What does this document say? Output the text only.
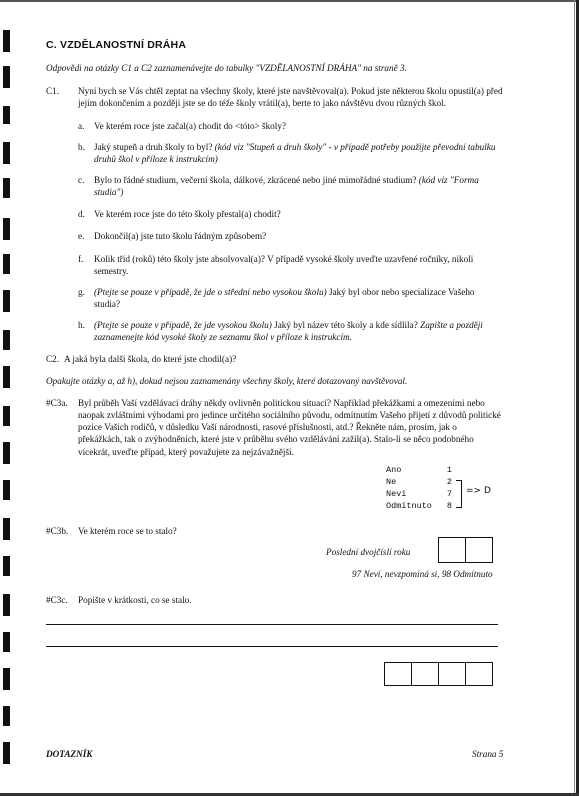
C. VZDĚLANOSTNÍ DRÁHA
Odpovědi na otázky C1 a C2 zaznamenávejte do tabulky "VZDĚLANOSTNÍ DRÁHA" na straně 3.
C1. Nyní bych se Vás chtěl zeptat na všechny školy, které jste navštěvoval(a). Pokud jste některou školu opustil(a) před jejím dokončením a později jste se do téže školy vrátil(a), berte to jako návštěvu dvou různých škol.
a. Ve kterém roce jste začal(a) chodit do <tóto> školy?
b. Jaký stupeň a druh školy to byl? (kód viz "Stupeň a druh školy" - v případě potřeby použijte převodní tabulku druhů škol v příloze k instrukcím)
c. Bylo to řádné studium, večerní škola, dálkové, zkrácené nebo jiné mimořádné studium? (kód viz "Forma studia")
d. Ve kterém roce jste do této školy přestal(a) chodit?
e. Dokončil(a) jste tuto školu řádným způsobem?
f. Kolik tříd (roků) této školy jste absolvoval(a)? V případě vysoké školy uveďte uzavřené ročníky, nikoli semestry.
g. (Ptejte se pouze v případě, že jde o střední nebo vysokou školu) Jaký byl obor nebo specializace Vašeho studia?
h. (Ptejte se pouze v případě, že jde vysokou školu) Jaký byl název této školy a kde sídlila? Zapište a později zaznamenejte kód vysoké školy ze seznamu škol v příloze k instrukcím.
C2. A jaká byla další škola, do které jste chodil(a)?
Opakujte otázky a, až h), dokud nejsou zaznamenány všechny školy, které dotazovaný navštěvoval.
#C3a. Byl průběh Vaší vzdělávací dráhy někdy ovlivněn politickou situací? Například překážkami a omezeními nebo naopak zvláštními výhodami pro jedince určitého sociálního původu, odmítnutím Vašeho přijetí z důvodů politické pozice Vašich rodičů, v důsledku Vaší národnosti, rasové příslušnosti, atd.? Řekněte nám, prosím, jak o překážkách, tak o zvýhodněních, které jste v průběhu svého vzdělávání zažil(a). Stalo-li se něco podobného vícekrát, uveďte případ, který považujete za nejzávažnější.
Ano	1
Ne	2
Neví	7
Odmítnuto	8
=> D
#C3b. Ve kterém roce se to stalo?
Poslední dvojčíslí roku
97 Neví, nevzpomíná si, 98 Odmítnuto
#C3c. Popište v krátkosti, co se stalo.
DOTAZNÍK	Strana 5
